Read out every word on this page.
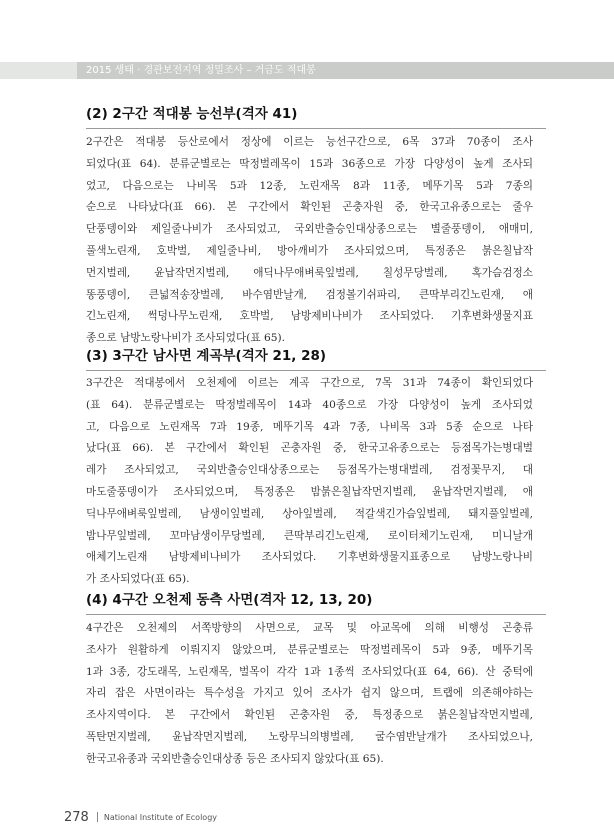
2015 생태 · 경관보전지역 정밀조사 – 거금도 적대봉
(2) 2구간 적대봉 능선부(격자 41)
2구간은 적대봉 등산로에서 정상에 이르는 능선구간으로, 6목 37과 70종이 조사
되었다(표 64). 분류군별로는 딱정벌레목이 15과 36종으로 가장 다양성이 높게 조사되
었고, 다음으로는 나비목 5과 12종, 노린재목 8과 11종, 메뚜기목 5과 7종의
순으로 나타났다(표 66). 본 구간에서 확인된 곤충자원 중, 한국고유종으로는 줄우
단풍뎅이와 제일줄나비가 조사되었고, 국외반출승인대상종으로는 별줄풍뎅이, 애매미,
풀색노린재, 호박벌, 제일줄나비, 방아깨비가 조사되었으며, 특정종은 붉은칠납작
먼지벌레, 윤납작먼지벌레, 애딕나무애벼룩잎벌레, 칠성무당벌레, 혹가슴검정소
똥풍뎅이, 큰넓적송장벌레, 바수염반날개, 검정볼기쉬파리, 큰딱부리긴노린재, 애
긴노린재, 썩덩나무노린재, 호박벌, 남방제비나비가 조사되었다. 기후변화생물지표
종으로 남방노랑나비가 조사되었다(표 65).
(3) 3구간 남사면 계곡부(격자 21, 28)
3구간은 적대봉에서 오천제에 이르는 계곡 구간으로, 7목 31과 74종이 확인되었다
(표 64). 분류군별로는 딱정벌레목이 14과 40종으로 가장 다양성이 높게 조사되었
고, 다음으로 노린재목 7과 19종, 메뚜기목 4과 7종, 나비목 3과 5종 순으로 나타
났다(표 66). 본 구간에서 확인된 곤충자원 중, 한국고유종으로는 등점목가는병대벌
레가 조사되었고, 국외반출승인대상종으로는 등점목가는병대벌레, 검정꽃무지, 대
마도줄풍뎅이가 조사되었으며, 특정종은 밤붉은칠납작먼지벌레, 윤납작먼지벌레, 애
딕나무애벼룩잎벌레, 남생이잎벌레, 상아잎벌레, 적갈색긴가슴잎벌레, 돼지풀잎벌레,
밤나무잎벌레, 꼬마남생이무당벌레, 큰딱부리긴노린재, 로이터체기노린재, 미니날개
애체기노린재 남방제비나비가 조사되었다. 기후변화생물지표종으로 남방노랑나비
가 조사되었다(표 65).
(4) 4구간 오천제 동측 사면(격자 12, 13, 20)
4구간은 오천제의 서쪽방향의 사면으로, 교목 및 아교목에 의해 비행성 곤충류
조사가 원활하게 이뤄지지 않았으며, 분류군별로는 딱정벌레목이 5과 9종, 메뚜기목
1과 3종, 강도래목, 노린재목, 벌목이 각각 1과 1종씩 조사되었다(표 64, 66). 산 중턱에
자리 잡은 사면이라는 특수성을 가지고 있어 조사가 쉽지 않으며, 트랩에 의존해야하는
조사지역이다. 본 구간에서 확인된 곤충자원 중, 특정종으로 붉은칠납작먼지벌레,
폭탄먼지벌레, 윤납작먼지벌레, 노랑무늬의병벌레, 굴수염반날개가 조사되었으나,
한국고유종과 국외반출승인대상종 등은 조사되지 않았다(표 65).
278 National Institute of Ecology
